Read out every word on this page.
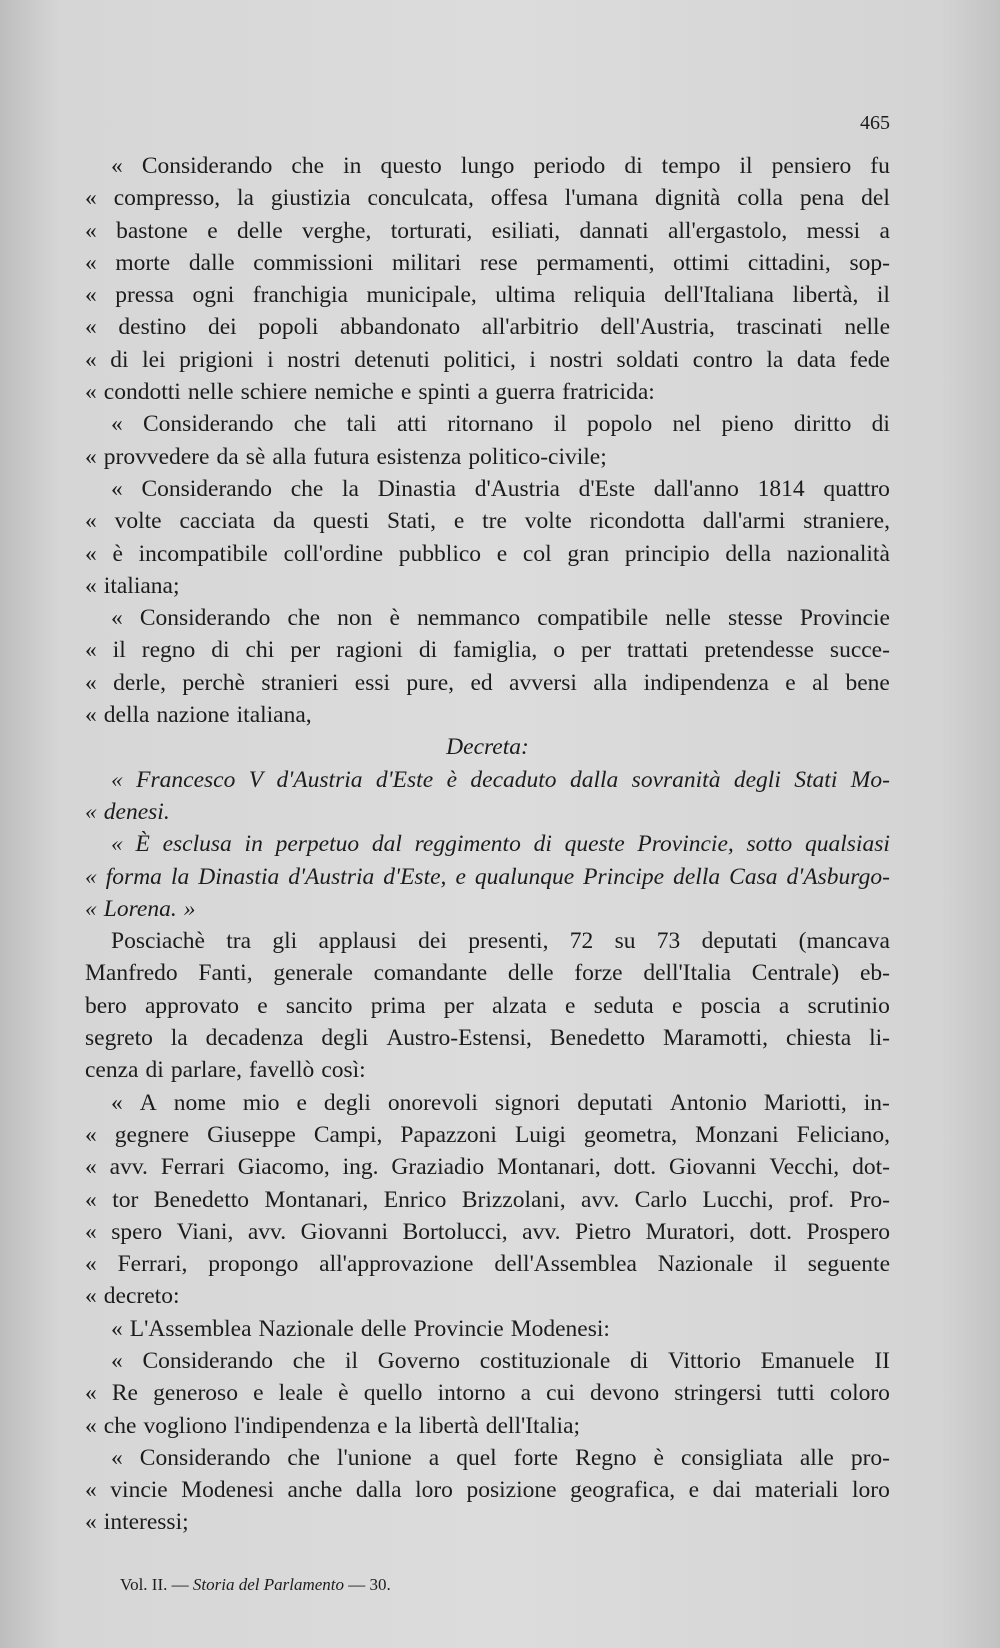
465
« Considerando che in questo lungo periodo di tempo il pensiero fu
« compresso, la giustizia conculcata, offesa l'umana dignità colla pena del
« bastone e delle verghe, torturati, esiliati, dannati all'ergastolo, messi a
« morte dalle commissioni militari rese permamenti, ottimi cittadini, sop-
« pressa ogni franchigia municipale, ultima reliquia dell'Italiana libertà, il
« destino dei popoli abbandonato all'arbitrio dell'Austria, trascinati nelle
« di lei prigioni i nostri detenuti politici, i nostri soldati contro la data fede
« condotti nelle schiere nemiche e spinti a guerra fratricida:
« Considerando che tali atti ritornano il popolo nel pieno diritto di
« provvedere da sè alla futura esistenza politico-civile;
« Considerando che la Dinastia d'Austria d'Este dall'anno 1814 quattro
« volte cacciata da questi Stati, e tre volte ricondotta dall'armi straniere,
« è incompatibile coll'ordine pubblico e col gran principio della nazionalità
« italiana;
« Considerando che non è nemmanco compatibile nelle stesse Provincie
« il regno di chi per ragioni di famiglia, o per trattati pretendesse succe-
« derle, perchè stranieri essi pure, ed avversi alla indipendenza e al bene
« della nazione italiana,
Decreta:
« Francesco V d'Austria d'Este è decaduto dalla sovranità degli Stati Mo-
« denesi.
« È esclusa in perpetuo dal reggimento di queste Provincie, sotto qualsiasi
« forma la Dinastia d'Austria d'Este, e qualunque Principe della Casa d'Asburgo-
« Lorena. »
Posciachè tra gli applausi dei presenti, 72 su 73 deputati (mancava
Manfredo Fanti, generale comandante delle forze dell'Italia Centrale) eb-
bero approvato e sancito prima per alzata e seduta e poscia a scrutinio
segreto la decadenza degli Austro-Estensi, Benedetto Maramotti, chiesta li-
cenza di parlare, favellò così:
« A nome mio e degli onorevoli signori deputati Antonio Mariotti, in-
« gegnere Giuseppe Campi, Papazzoni Luigi geometra, Monzani Feliciano,
« avv. Ferrari Giacomo, ing. Graziadio Montanari, dott. Giovanni Vecchi, dot-
« tor Benedetto Montanari, Enrico Brizzolani, avv. Carlo Lucchi, prof. Pro-
« spero Viani, avv. Giovanni Bortolucci, avv. Pietro Muratori, dott. Prospero
« Ferrari, propongo all'approvazione dell'Assemblea Nazionale il seguente
« decreto:
« L'Assemblea Nazionale delle Provincie Modenesi:
« Considerando che il Governo costituzionale di Vittorio Emanuele II
« Re generoso e leale è quello intorno a cui devono stringersi tutti coloro
« che vogliono l'indipendenza e la libertà dell'Italia;
« Considerando che l'unione a quel forte Regno è consigliata alle pro-
« vincie Modenesi anche dalla loro posizione geografica, e dai materiali loro
« interessi;
Vol. II. — Storia del Parlamento — 30.
